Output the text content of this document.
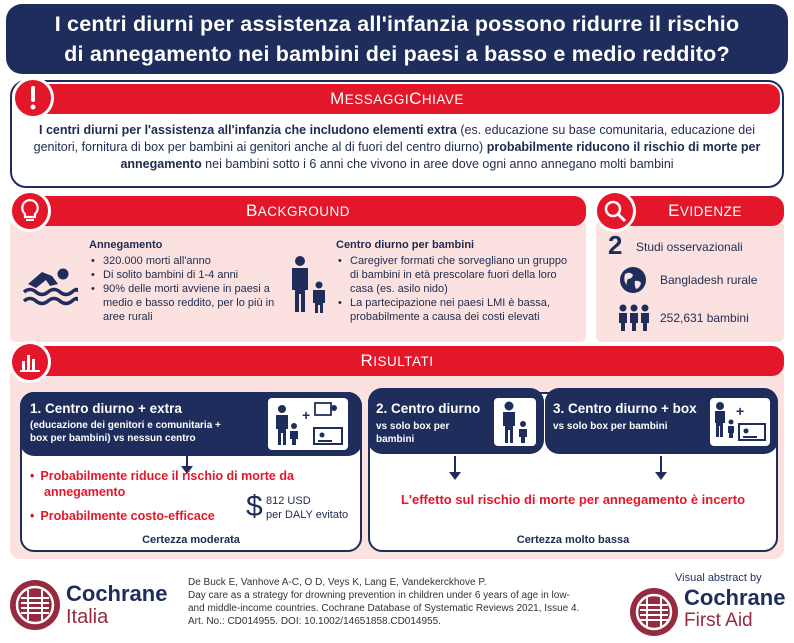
I centri diurni per assistenza all'infanzia possono ridurre il rischio
di annegamento nei bambini dei paesi a basso e medio reddito?
M ESSAGGI C HIAVE
I centri diurni per l'assistenza all'infanzia che includono elementi extra (es. educazione su base comunitaria, educazione dei genitori, fornitura di box per bambini ai genitori anche al di fuori del centro diurno) probabilmente riducono il rischio di morte per annegamento nei bambini sotto i 6 anni che vivono in aree dove ogni anno annegano molti bambini
B ACKGROUND
Annegamento
• 320.000 morti all'anno
• Di solito bambini di 1-4 anni
• 90% delle morti avviene in paesi a medio e basso reddito, per lo più in aree rurali
Centro diurno per bambini
• Caregiver formati che sorvegliano un gruppo di bambini in età prescolare fuori della loro casa (es. asilo nido)
• La partecipazione nei paesi LMI è bassa, probabilmente a causa dei costi elevati
E VIDENZE
2 Studi osservazionali
Bangladesh rurale
252,631 bambini
R ISULTATI
1. Centro diurno + extra
(educazione dei genitori e comunitaria +
box per bambini) vs nessun centro
+
• Probabilmente riduce il rischio di morte da
annegamento
• Probabilmente costo-efficace $ 812 USD
per DALY evitato
Certezza moderata
2. Centro diurno
vs solo box per
bambini
3. Centro diurno + box
vs solo box per bambini
+
L'effetto sul rischio di morte per annegamento è incerto
Certezza molto bassa
Cochrane
Italia
De Buck E, Vanhove A-C, O D, Veys K, Lang E, Vandekerckhove P.
Day care as a strategy for drowning prevention in children under 6 years of age in low-
and middle-income countries. Cochrane Database of Systematic Reviews 2021, Issue 4.
Art. No.: CD014955. DOI: 10.1002/14651858.CD014955.
Visual abstract by
Cochrane
First Aid
